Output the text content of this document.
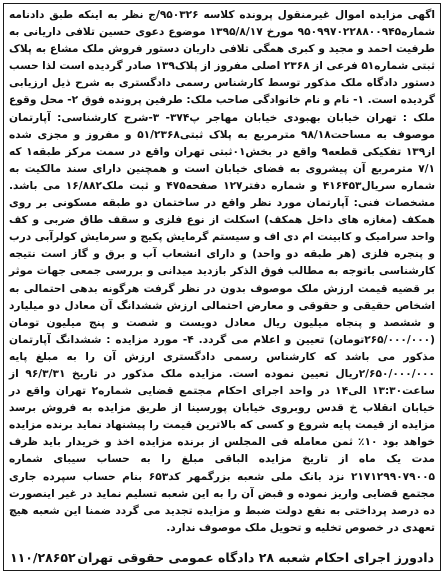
اگهی مزایده اموال غیرمنقول پرونده کلاسه ۹۵۰۳۲۶/ج نظر به اینکه طبق دادنامه شماره۹۵۰۹۹۷۰۲۲۸۸۰۰۹۴۵ مورخ ۱۳۹۵/۸/۱۷ موضوع دعوی حسین تلافی داریانی به طرفیت احمد و مجید و کبری همگی تلافی داریان دستور فروش ملک مشاع به پلاک ثبتی شماره۵۱ فرعی از ۲۳۶۸ اصلی مفروز از پلاک۱۳۹ صادر گردیده است لذا حسب دستور دادگاه ملک مذکور توسط کارشناس رسمی دادگستری به شرح ذیل ارزیابی گردیده است. ۱- نام و نام خانوادگی صاحب ملک: طرفین پرونده فوق ۲- محل وقوع ملک : تهران خیابان بهبودی خیابان مهاجر پ۳۷۴- ۳-شرح کارشناسی: آپارتمان موصوف به مساحت۹۸/۱۸ مترمربع به پلاک ثبتی۵۱/۲۳۶۸ و مفروز و مجزی شده از۱۳۹ تفکیکی قطعه۹ واقع در بخش۰۱ثبتی تهران واقع در سمت مرکز طبقه۱ که ۷/۱ مترمربع آن پیشروی به فضای خیابان است و همچنین دارای سند مالکیت به شماره سریال۴۱۶۴۵۳ و شماره دفتر۱۲۷ صفحه۴۷۵ و ثبت ملک۱۶/۸۸۲ می باشد. مشخصات فنی: آپارتمان مورد نظر واقع در ساختمان دو طبقه مسکونی بر روی همکف (مغازه های داخل همکف) اسکلت از نوع فلزی و سقف طاق ضربی و کف واحد سرامیک و کابینت ام دی اف و سیستم گرمایش پکیج و سرمایش کولرآبی درب و پنجره فلزی (هر طبقه دو واحد) و دارای انشعاب آب و برق و گاز است نتیجه کارشناسی باتوجه به مطالب فوق الذکر بازدید میدانی و بررسی جمعی جهات موثر بر قضیه قیمت ارزش ملک موصوف بدون در نظر گرفت هرگونه بدهی احتمالی به اشخاص حقیقی و حقوقی و معارض احتمالی ارزش ششدانگ آن معادل دو میلیارد و ششصد و پنجاه میلیون ریال معادل دویست و شصت و پنج میلیون تومان (۲۶۵/۰۰۰/۰۰۰تومان) تعیین و اعلام می گردد. ۴- مورد مزایده : ششدانگ آپارتمان مذکور می باشد که کارشناس رسمی دادگستری ارزش آن را به مبلغ پایه ۲/۶۵۰/۰۰۰/۰۰۰ریال تعیین نموده است. مزایده ملک مذکور در تاریخ ۹۶/۳/۳۱ از ساعت۱۳:۳۰ الی۱۴ در واحد اجرای احکام مجتمع قضایی شماره۲ تهران واقع در خیابان انقلاب خ قدس روبروی خیابان پورسینا از طریق مزایده به فروش برسد مزایده از قیمت پایه شروع و کسی که بالاترین قیمت را پیشنهاد نماید برنده مزایده خواهد بود ۱۰٪ ثمن معامله فی المجلس از برنده مزایده اخذ و خریدار باید ظرف مدت یک ماه از تاریخ مزایده الباقی مبلغ را به حساب سیبای شماره ۲۱۷۱۲۹۹۰۷۹۰۰۵ نزد بانک ملی شعبه بزرگمهر کد۶۵۳ بنام حساب سپرده جاری مجتمع قضایی واریز نموده و قبض آن را به این شعبه تسلیم نماید در غیر اینصورت ده درصد پرداختی به نفع دولت ضبط و مزایده تجدید می گردد ضمنا این شعبه هیچ تعهدی در خصوص تخلیه و تحویل ملک موصوف ندارد.

دادورز اجرای احکام شعبه ۲۸ دادگاه عمومی حقوقی تهران
۱۱۰/۲۸۶۵۲
